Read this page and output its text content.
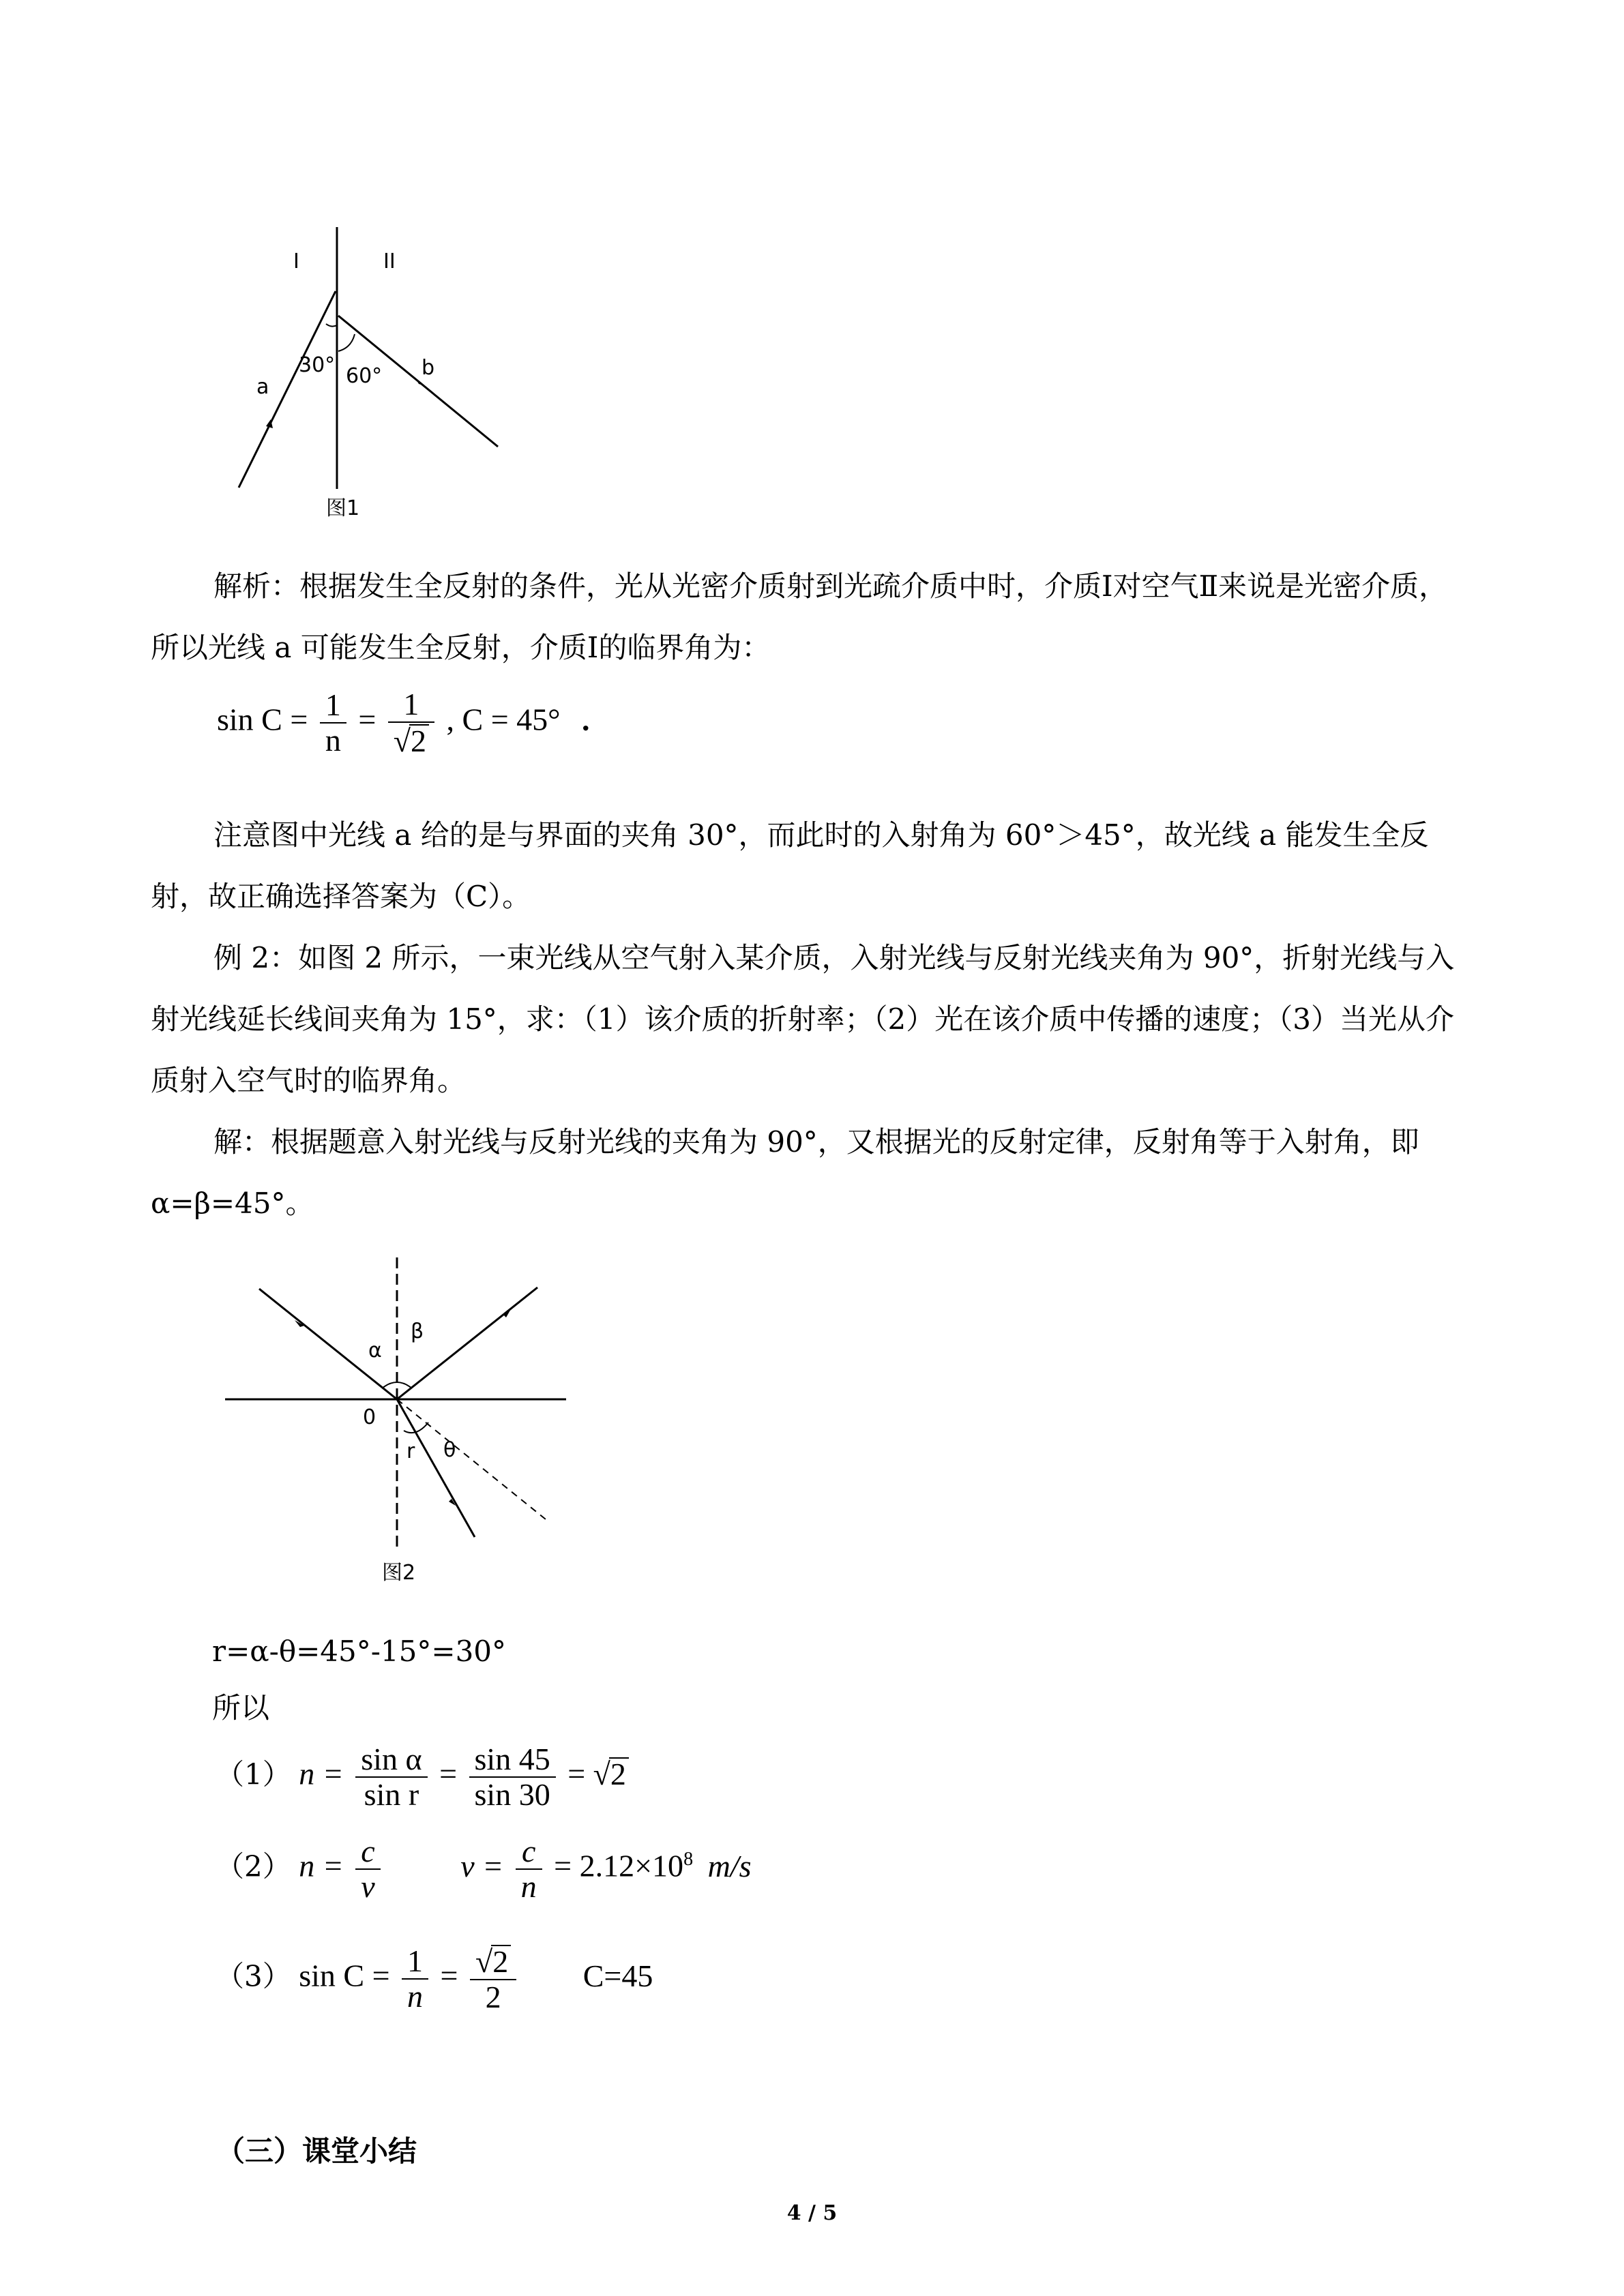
I	II
30° 60°
a
b
图1
解析：根据发生全反射的条件，光从光密介质射到光疏介质中时，介质Ⅰ对空气Ⅱ来说是光密介质，所以光线 a 可能发生全反射，介质Ⅰ的临界角为：
$\sin C = \frac{1}{n} = \frac{1}{√2}$ , C = 45° .
注意图中光线 a 给的是与界面的夹角 30°，而此时的入射角为 60°＞45°，故光线 a 能发生全反射，故正确选择答案为（C）。
例 2：如图 2 所示，一束光线从空气射入某介质，入射光线与反射光线夹角为 90°，折射光线与入射光线延长线间夹角为 15°，求：（1）该介质的折射率；（2）光在该介质中传播的速度；（3）当光从介质射入空气时的临界角。
解：根据题意入射光线与反射光线的夹角为 90°，又根据光的反射定律，反射角等于入射角，即 α=β=45°。
α
β
0
r θ
图2
r=α-θ=45°-15°=30°
所以
（1） $n = \frac{\text{sin α}}{\text{sin r}} = \frac{\sin 45}{\sin 30} = √2$
（2） $n = \frac{c}{v}$	$v = \frac{c}{n} = 2.12\times 10^8$ m/s
（3） $\sin C = \frac{1}{n} = \frac{√2}{2} C=45$
（三）课堂小结
4 / 5
